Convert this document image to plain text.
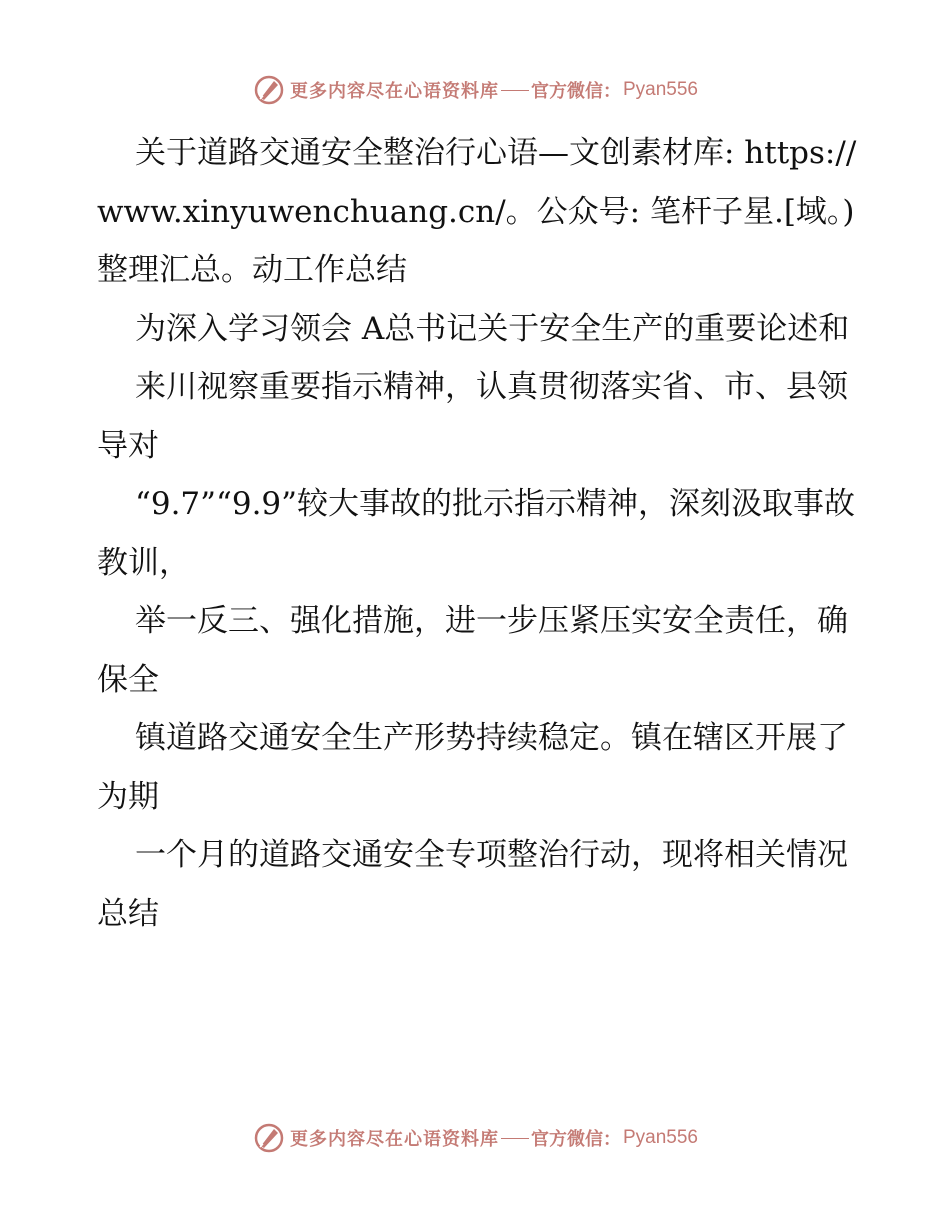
更多内容尽在心语资料库 官方微信： Pyan556

关于道路交通安全整治行心语—文创素材库: https://www.xinyuwenchuang.cn/。公众号: 笔杆子星.[域。)整理汇总。动工作总结

为深入学习领会 A总书记关于安全生产的重要论述和

来川视察重要指示精神，认真贯彻落实省、市、县领导对

“9.7”“9.9”较大事故的批示指示精神，深刻汲取事故教训，

举一反三、强化措施，进一步压紧压实安全责任，确保全

镇道路交通安全生产形势持续稳定。镇在辖区开展了为期

一个月的道路交通安全专项整治行动，现将相关情况总结

更多内容尽在心语资料库 官方微信： Pyan556
